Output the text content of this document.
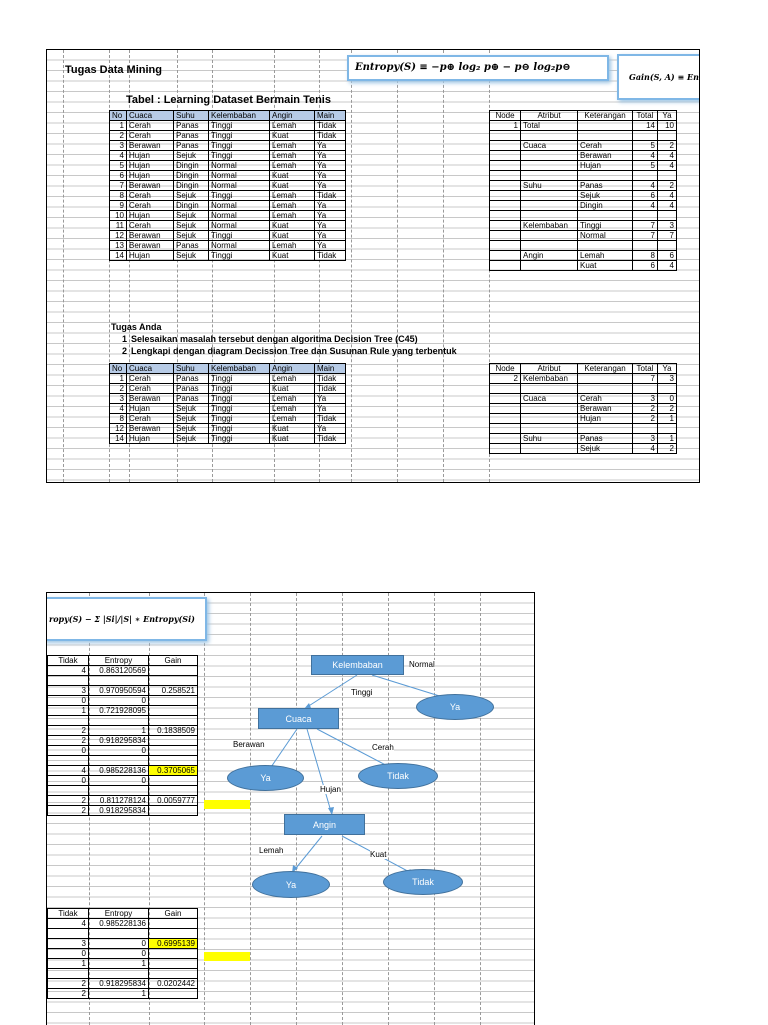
Tugas Data Mining	Entropy(S) ≡ −p⊕ log₂ p⊕ − p⊖ log₂p⊖
Gain(S, A) ≡ En
Tabel : Learning Dataset Bermain Tenis
No	Cuaca	Suhu	Kelembaban	Angin	Main
1	Cerah	Panas	Tinggi	Lemah	Tidak
2	Cerah	Panas	Tinggi	Kuat	Tidak
3	Berawan	Panas	Tinggi	Lemah	Ya
4	Hujan	Sejuk	Tinggi	Lemah	Ya
5	Hujan	Dingin	Normal	Lemah	Ya
6	Hujan	Dingin	Normal	Kuat	Ya
7	Berawan	Dingin	Normal	Kuat	Ya
8	Cerah	Sejuk	Tinggi	Lemah	Tidak
9	Cerah	Dingin	Normal	Lemah	Ya
10	Hujan	Sejuk	Normal	Lemah	Ya
11	Cerah	Sejuk	Normal	Kuat	Ya
12	Berawan	Sejuk	Tinggi	Kuat	Ya
13	Berawan	Panas	Normal	Lemah	Ya
14	Hujan	Sejuk	Tinggi	Kuat	Tidak
Tugas Anda
1 Selesaikan masalah tersebut dengan algoritma Decision Tree (C45)
2 Lengkapi dengan diagram Decission Tree dan Susunan Rule yang terbentuk
No	Cuaca	Suhu	Kelembaban	Angin	Main
1	Cerah	Panas	Tinggi	Lemah	Tidak
2	Cerah	Panas	Tinggi	Kuat	Tidak
3	Berawan	Panas	Tinggi	Lemah	Ya
4	Hujan	Sejuk	Tinggi	Lemah	Ya
8	Cerah	Sejuk	Tinggi	Lemah	Tidak
12	Berawan	Sejuk	Tinggi	Kuat	Ya
14	Hujan	Sejuk	Tinggi	Kuat	Tidak
Node	Atribut	Keterangan	Total	Ya
1	Total		14	10

	Cuaca	Cerah	5	2
		Berawan	4	4
		Hujan	5	4

	Suhu	Panas	4	2
		Sejuk	6	4
		Dingin	4	4

	Kelembaban	Tinggi	7	3
		Normal	7	7

	Angin	Lemah	8	6
		Kuat	6	4
Node	Atribut	Keterangan	Total	Ya
2	Kelembaban		7	3

	Cuaca	Cerah	3	0
		Berawan	2	2
		Hujan	2	1

	Suhu	Panas	3	1
		Sejuk	4	2
ropy(S) − Σ |Si|/|S| ∗ Entropy(Si)
Tidak	Entropy	Gain
4	0.863120569	

3	0.970950594	0.258521
0	0	
1	0.721928095	

2	1	0.1838509
2	0.918295834	
0	0	

4	0.985228136	0.3705065
0	0	

2	0.811278124	0.0059777
2	0.918295834	
Tidak	Entropy	Gain
4	0.985228136	

3	0	0.6995139
0	0	
1	1	

2	0.918295834	0.0202442
2	1	
Kelembaban
Cuaca
Angin
Ya
Ya	Tidak
Ya	Tidak
Normal
Tinggi
Berawan	Cerah
Hujan
Lemah	Kuat
